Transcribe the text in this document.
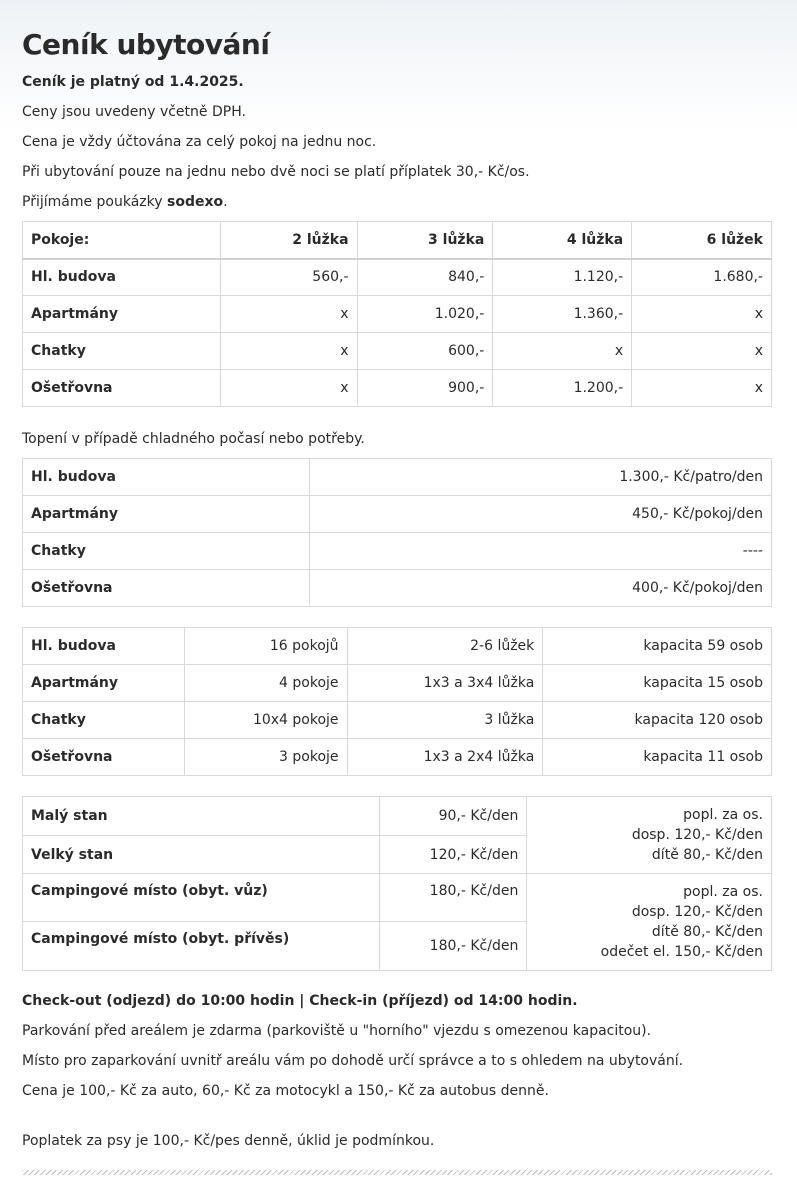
Ceník ubytování
Ceník je platný od 1.4.2025.
Ceny jsou uvedeny včetně DPH.
Cena je vždy účtována za celý pokoj na jednu noc.
Při ubytování pouze na jednu nebo dvě noci se platí příplatek 30,- Kč/os.
Přijímáme poukázky sodexo.
Pokoje:	2 lůžka	3 lůžka	4 lůžka	6 lůžek
Hl. budova	560,-	840,-	1.120,-	1.680,-
Apartmány	x	1.020,-	1.360,-	x
Chatky	x	600,-	x	x
Ošetřovna	x	900,-	1.200,-	x
Topení v případě chladného počasí nebo potřeby.
Hl. budova	1.300,- Kč/patro/den
Apartmány	450,- Kč/pokoj/den
Chatky	----
Ošetřovna	400,- Kč/pokoj/den
Hl. budova	16 pokojů	2-6 lůžek	kapacita 59 osob
Apartmány	4 pokoje	1x3 a 3x4 lůžka	kapacita 15 osob
Chatky	10x4 pokoje	3 lůžka	kapacita 120 osob
Ošetřovna	3 pokoje	1x3 a 2x4 lůžka	kapacita 11 osob
Malý stan	90,- Kč/den	popl. za os.
dosp. 120,- Kč/den
dítě 80,- Kč/den

Velký stan	120,- Kč/den	
Campingové místo (obyt. vůz)	180,- Kč/den	popl. za os.
dosp. 120,- Kč/den
dítě 80,- Kč/den
odečet el. 150,- Kč/den

Campingové místo (obyt. přívěs)	180,- Kč/den	
Check-out (odjezd) do 10:00 hodin | Check-in (příjezd) od 14:00 hodin.
Parkování před areálem je zdarma (parkoviště u "horního" vjezdu s omezenou kapacitou).
Místo pro zaparkování uvnitř areálu vám po dohodě určí správce a to s ohledem na ubytování.
Cena je 100,- Kč za auto, 60,- Kč za motocykl a 150,- Kč za autobus denně.
Poplatek za psy je 100,- Kč/pes denně, úklid je podmínkou.
